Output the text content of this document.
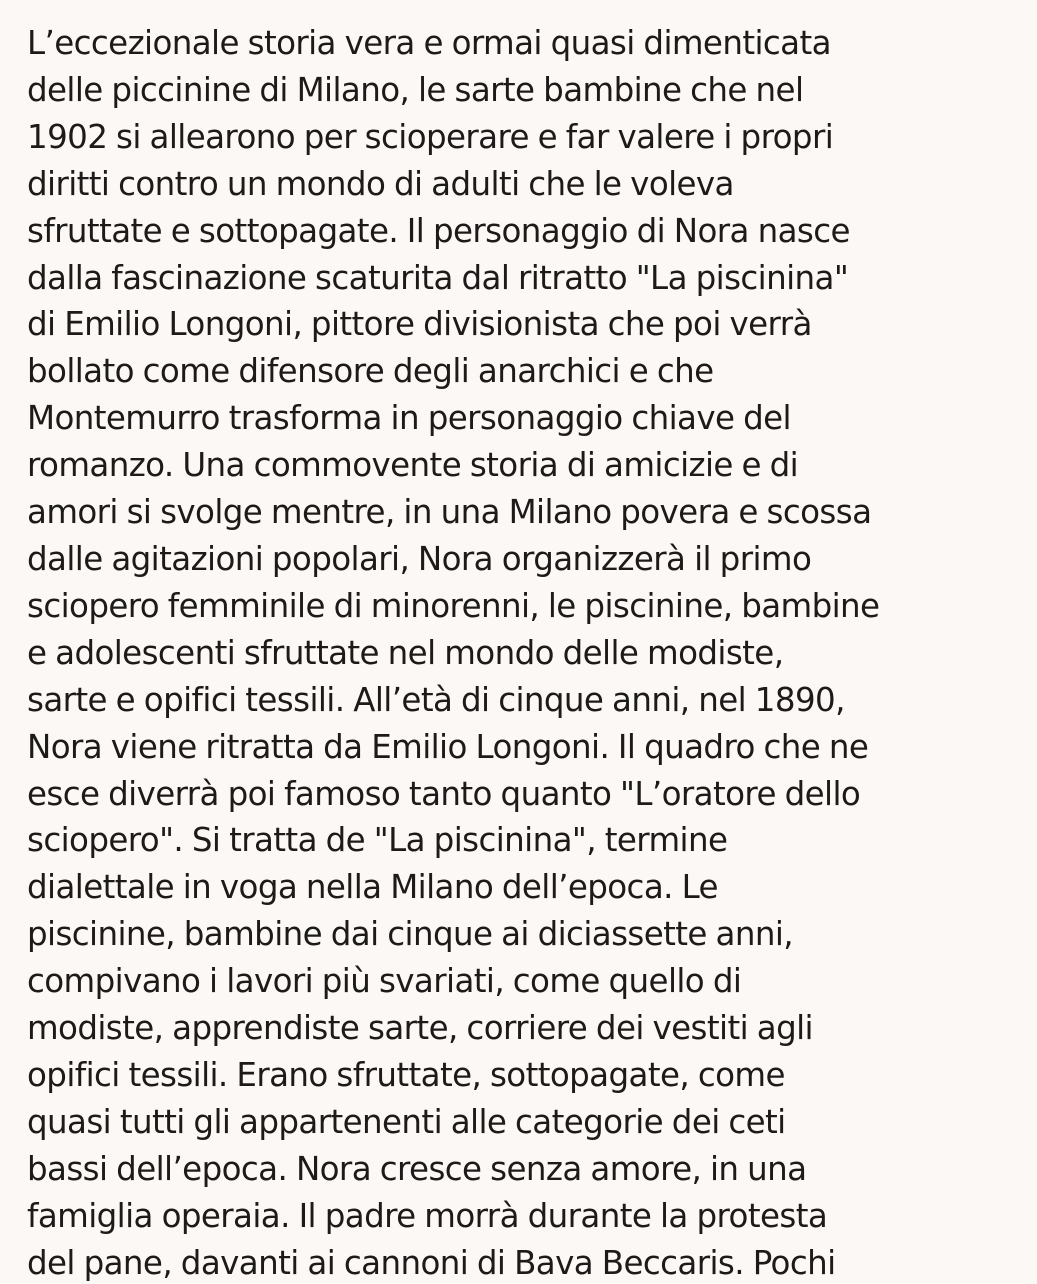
L’eccezionale storia vera e ormai quasi dimenticata
delle piccinine di Milano, le sarte bambine che nel
1902 si allearono per scioperare e far valere i propri
diritti contro un mondo di adulti che le voleva
sfruttate e sottopagate. Il personaggio di Nora nasce
dalla fascinazione scaturita dal ritratto "La piscinina"
di Emilio Longoni, pittore divisionista che poi verrà
bollato come difensore degli anarchici e che
Montemurro trasforma in personaggio chiave del
romanzo. Una commovente storia di amicizie e di
amori si svolge mentre, in una Milano povera e scossa
dalle agitazioni popolari, Nora organizzerà il primo
sciopero femminile di minorenni, le piscinine, bambine
e adolescenti sfruttate nel mondo delle modiste,
sarte e opifici tessili. All’età di cinque anni, nel 1890,
Nora viene ritratta da Emilio Longoni. Il quadro che ne
esce diverrà poi famoso tanto quanto "L’oratore dello
sciopero". Si tratta de "La piscinina", termine
dialettale in voga nella Milano dell’epoca. Le
piscinine, bambine dai cinque ai diciassette anni,
compivano i lavori più svariati, come quello di
modiste, apprendiste sarte, corriere dei vestiti agli
opifici tessili. Erano sfruttate, sottopagate, come
quasi tutti gli appartenenti alle categorie dei ceti
bassi dell’epoca. Nora cresce senza amore, in una
famiglia operaia. Il padre morrà durante la protesta
del pane, davanti ai cannoni di Bava Beccaris. Pochi
